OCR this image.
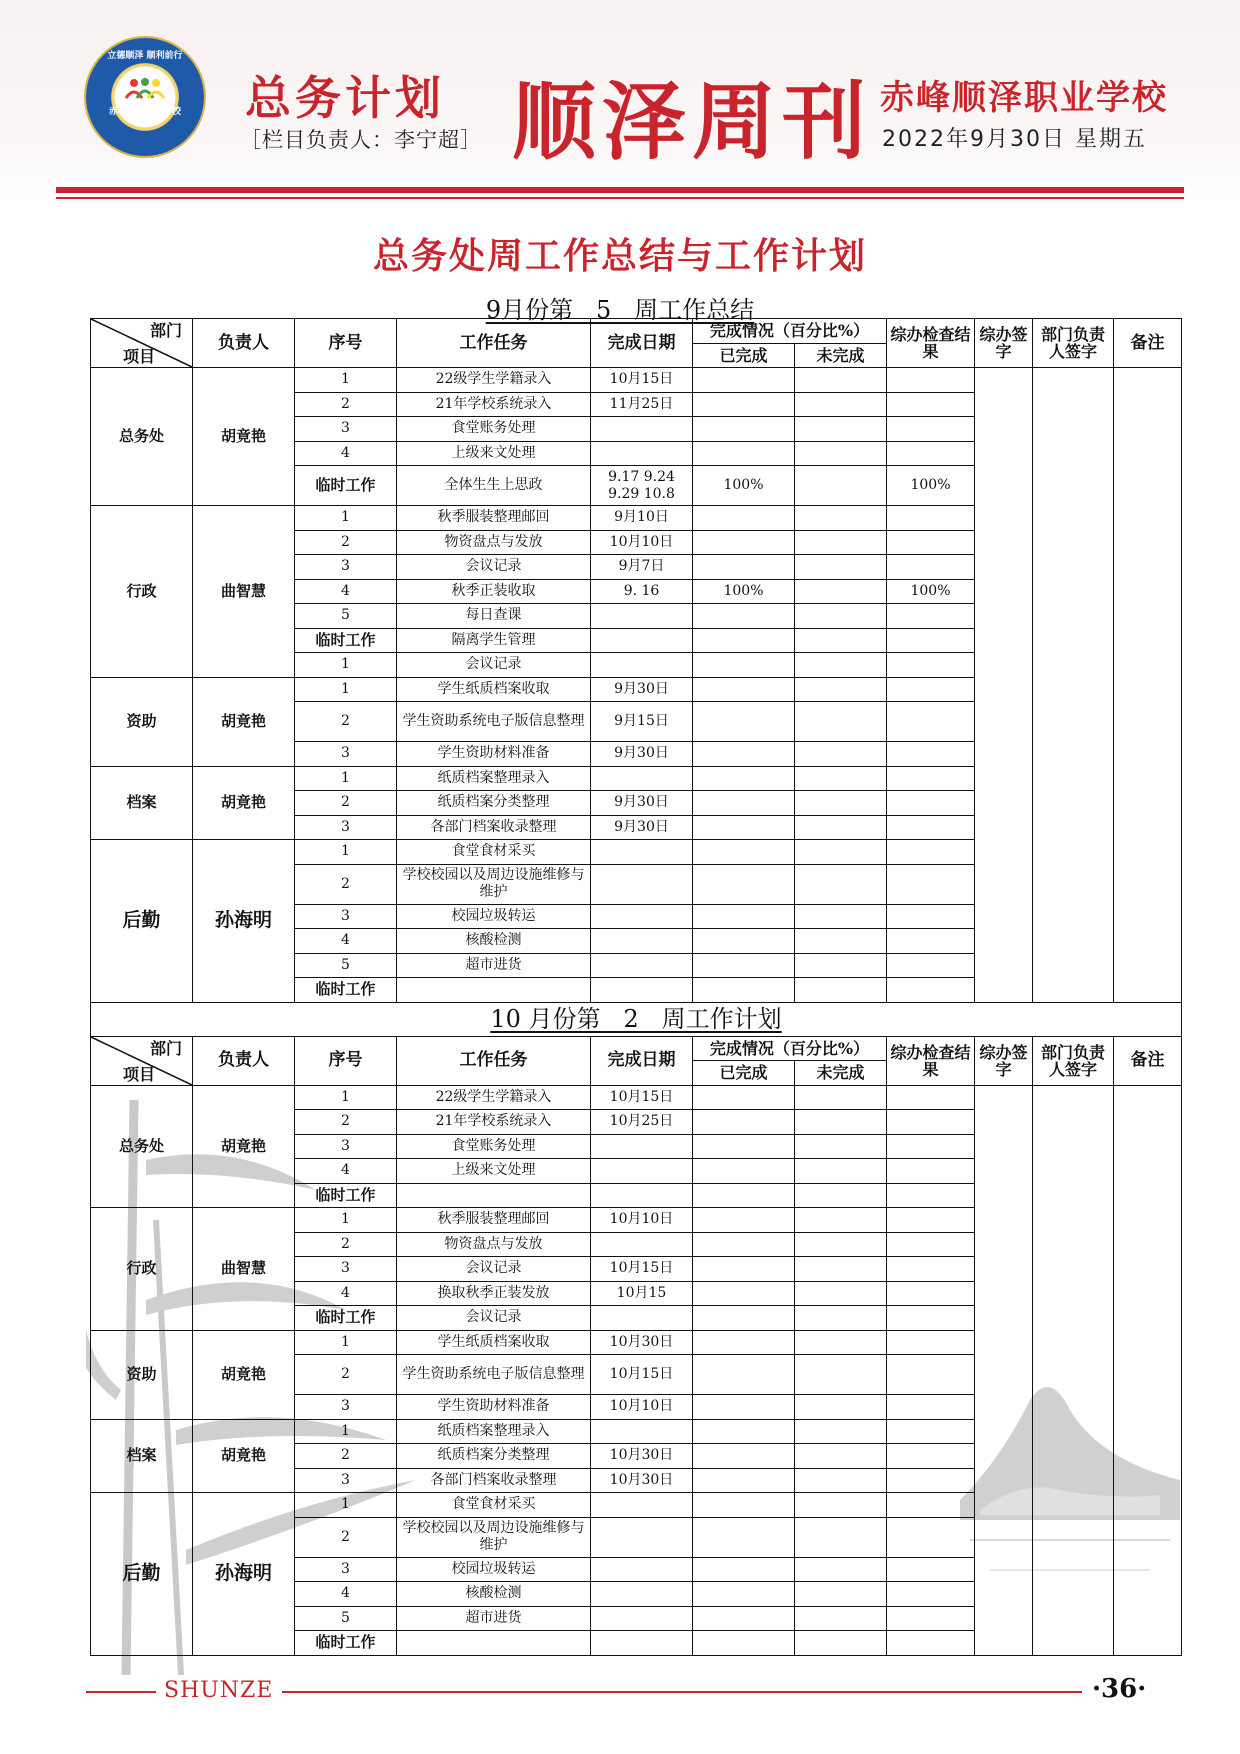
立德顺泽 顺利前行
赤峰顺泽职业学校	总务计划
［栏目负责人：李宁超］ 顺泽周刊 赤峰顺泽职业学校
2022年9月30日 星期五
总务处周工作总结与工作计划
9月份第 5 周工作总结
部门
项目	负责人	序号	工作任务	完成日期	完成情况（百分比%）		综办检查结果	综办签字	部门负责人签字	备注
					已完成	未完成				
总务处	胡竟艳	1	22级学生学籍录入	10月15日						
		2	21年学校系统录入	11月25日						
		3	食堂账务处理							
		4	上级来文处理							
		临时工作	全体生生上思政	9.17 9.24 9.29 10.8	100%		100%			
行政	曲智慧	1	秋季服装整理邮回	9月10日						
		2	物资盘点与发放	10月10日						
		3	会议记录	9月7日						
		4	秋季正装收取	9. 16	100%		100%			
		5	每日查课							
		临时工作	隔离学生管理							
		1	会议记录							
资助	胡竟艳	1	学生纸质档案收取	9月30日						
		2	学生资助系统电子版信息整理	9月15日						
		3	学生资助材料准备	9月30日						
档案	胡竟艳	1	纸质档案整理录入							
		2	纸质档案分类整理	9月30日						
		3	各部门档案收录整理	9月30日						
后勤	孙海明	1	食堂食材采买							
		2	学校校园以及周边设施维修与维护							
		3	校园垃圾转运							
		4	核酸检测							
		5	超市进货							
		临时工作								
10 月份第 2 周工作计划										

部门
项目	负责人	序号	工作任务	完成日期	完成情况（百分比%）		综办检查结果	综办签字	部门负责人签字	备注
					已完成	未完成				
总务处	胡竟艳	1	22级学生学籍录入	10月15日						
		2	21年学校系统录入	10月25日						
		3	食堂账务处理							
		4	上级来文处理							
		临时工作								
行政	曲智慧	1	秋季服装整理邮回	10月10日						
		2	物资盘点与发放							
		3	会议记录	10月15日						
		4	换取秋季正装发放	10月15						
		临时工作	会议记录							
资助	胡竟艳	1	学生纸质档案收取	10月30日						
		2	学生资助系统电子版信息整理	10月15日						
		3	学生资助材料准备	10月10日						
档案	胡竟艳	1	纸质档案整理录入							
		2	纸质档案分类整理	10月30日						
		3	各部门档案收录整理	10月30日						
后勤	孙海明	1	食堂食材采买							
		2	学校校园以及周边设施维修与维护							
		3	校园垃圾转运							
		4	核酸检测							
		5	超市进货							
		临时工作								
SHUNZE	·36·
